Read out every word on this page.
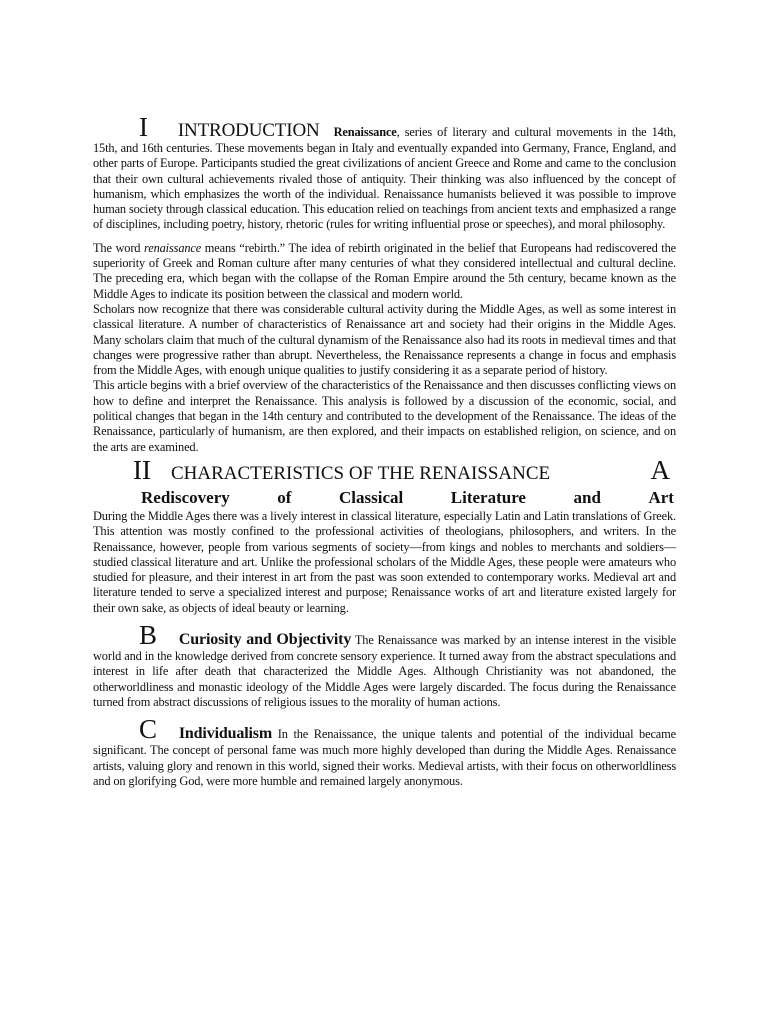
I INTRODUCTION Renaissance, series of literary and cultural movements in the 14th, 15th, and 16th centuries. These movements began in Italy and eventually expanded into Germany, France, England, and other parts of Europe. Participants studied the great civilizations of ancient Greece and Rome and came to the conclusion that their own cultural achievements rivaled those of antiquity. Their thinking was also influenced by the concept of humanism, which emphasizes the worth of the individual. Renaissance humanists believed it was possible to improve human society through classical education. This education relied on teachings from ancient texts and emphasized a range of disciplines, including poetry, history, rhetoric (rules for writing influential prose or speeches), and moral philosophy.

The word renaissance means “rebirth.” The idea of rebirth originated in the belief that Europeans had rediscovered the superiority of Greek and Roman culture after many centuries of what they considered intellectual and cultural decline. The preceding era, which began with the collapse of the Roman Empire around the 5th century, became known as the Middle Ages to indicate its position between the classical and modern world.

Scholars now recognize that there was considerable cultural activity during the Middle Ages, as well as some interest in classical literature. A number of characteristics of Renaissance art and society had their origins in the Middle Ages. Many scholars claim that much of the cultural dynamism of the Renaissance also had its roots in medieval times and that changes were progressive rather than abrupt. Nevertheless, the Renaissance represents a change in focus and emphasis from the Middle Ages, with enough unique qualities to justify considering it as a separate period of history.

This article begins with a brief overview of the characteristics of the Renaissance and then discusses conflicting views on how to define and interpret the Renaissance. This analysis is followed by a discussion of the economic, social, and political changes that began in the 14th century and contributed to the development of the Renaissance. The ideas of the Renaissance, particularly of humanism, are then explored, and their impacts on established religion, on science, and on the arts are examined.

II CHARACTERISTICS OF THE RENAISSANCE	A
Rediscovery	of	Classical	Literature	and	Art

During the Middle Ages there was a lively interest in classical literature, especially Latin and Latin translations of Greek. This attention was mostly confined to the professional activities of theologians, philosophers, and writers. In the Renaissance, however, people from various segments of society—from kings and nobles to merchants and soldiers—studied classical literature and art. Unlike the professional scholars of the Middle Ages, these people were amateurs who studied for pleasure, and their interest in art from the past was soon extended to contemporary works. Medieval art and literature tended to serve a specialized interest and purpose; Renaissance works of art and literature existed largely for their own sake, as objects of ideal beauty or learning.

B Curiosity and Objectivity The Renaissance was marked by an intense interest in the visible world and in the knowledge derived from concrete sensory experience. It turned away from the abstract speculations and interest in life after death that characterized the Middle Ages. Although Christianity was not abandoned, the otherworldliness and monastic ideology of the Middle Ages were largely discarded. The focus during the Renaissance turned from abstract discussions of religious issues to the morality of human actions.

C Individualism In the Renaissance, the unique talents and potential of the individual became significant. The concept of personal fame was much more highly developed than during the Middle Ages. Renaissance artists, valuing glory and renown in this world, signed their works. Medieval artists, with their focus on otherworldliness and on glorifying God, were more humble and remained largely anonymous.
